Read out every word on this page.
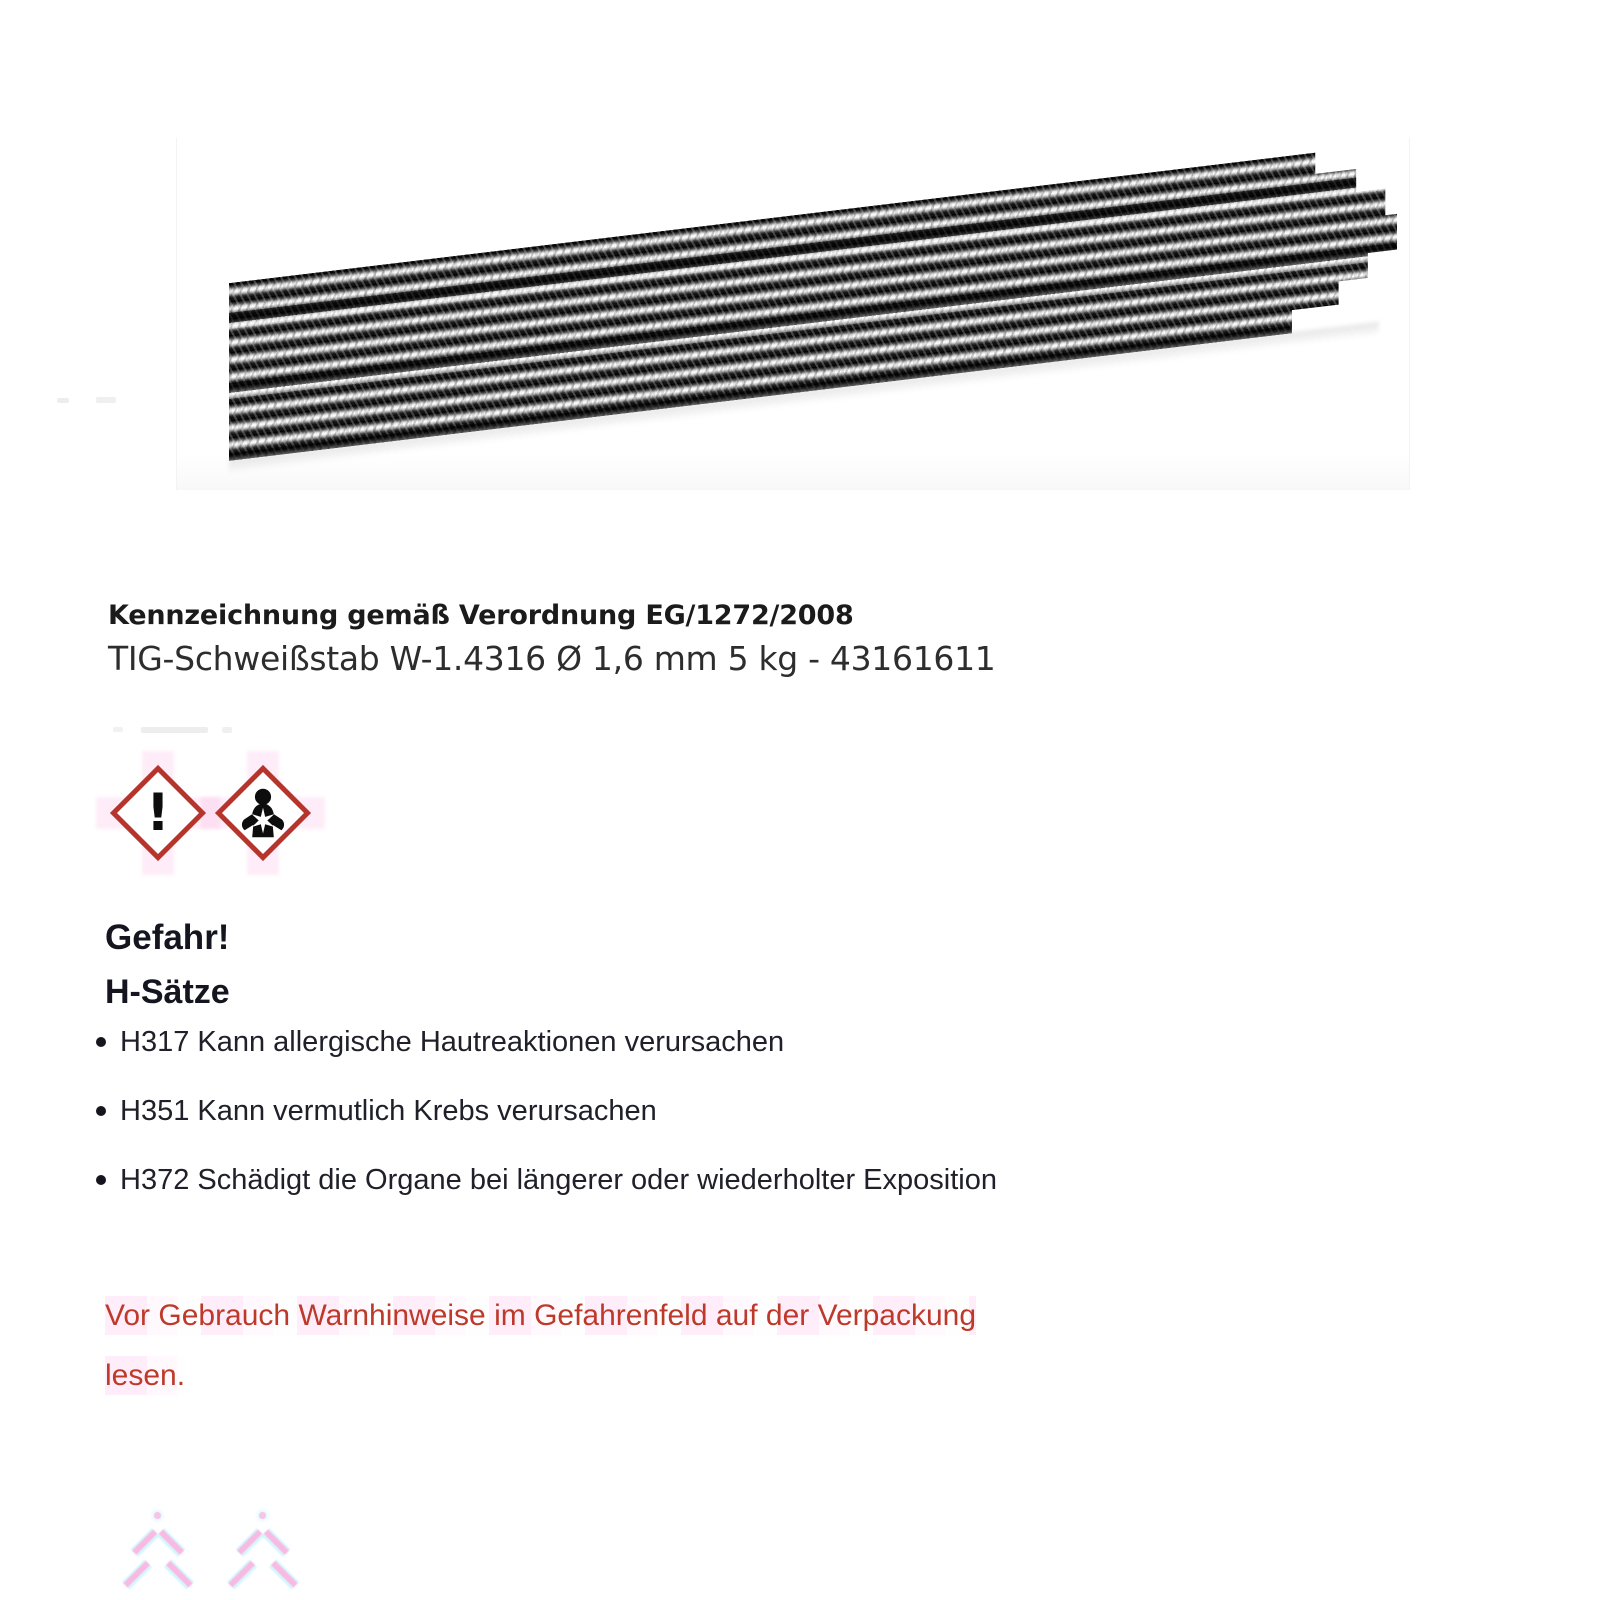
Kennzeichnung gemäß Verordnung EG/1272/2008

TIG-Schweißstab W-1.4316 Ø 1,6 mm 5 kg - 43161611

!

Gefahr!

H-Sätze

H317 Kann allergische Hautreaktionen verursachen
H351 Kann vermutlich Krebs verursachen
H372 Schädigt die Organe bei längerer oder wiederholter Exposition

Vor Gebrauch Warnhinweise im Gefahrenfeld auf der Verpackung lesen.
